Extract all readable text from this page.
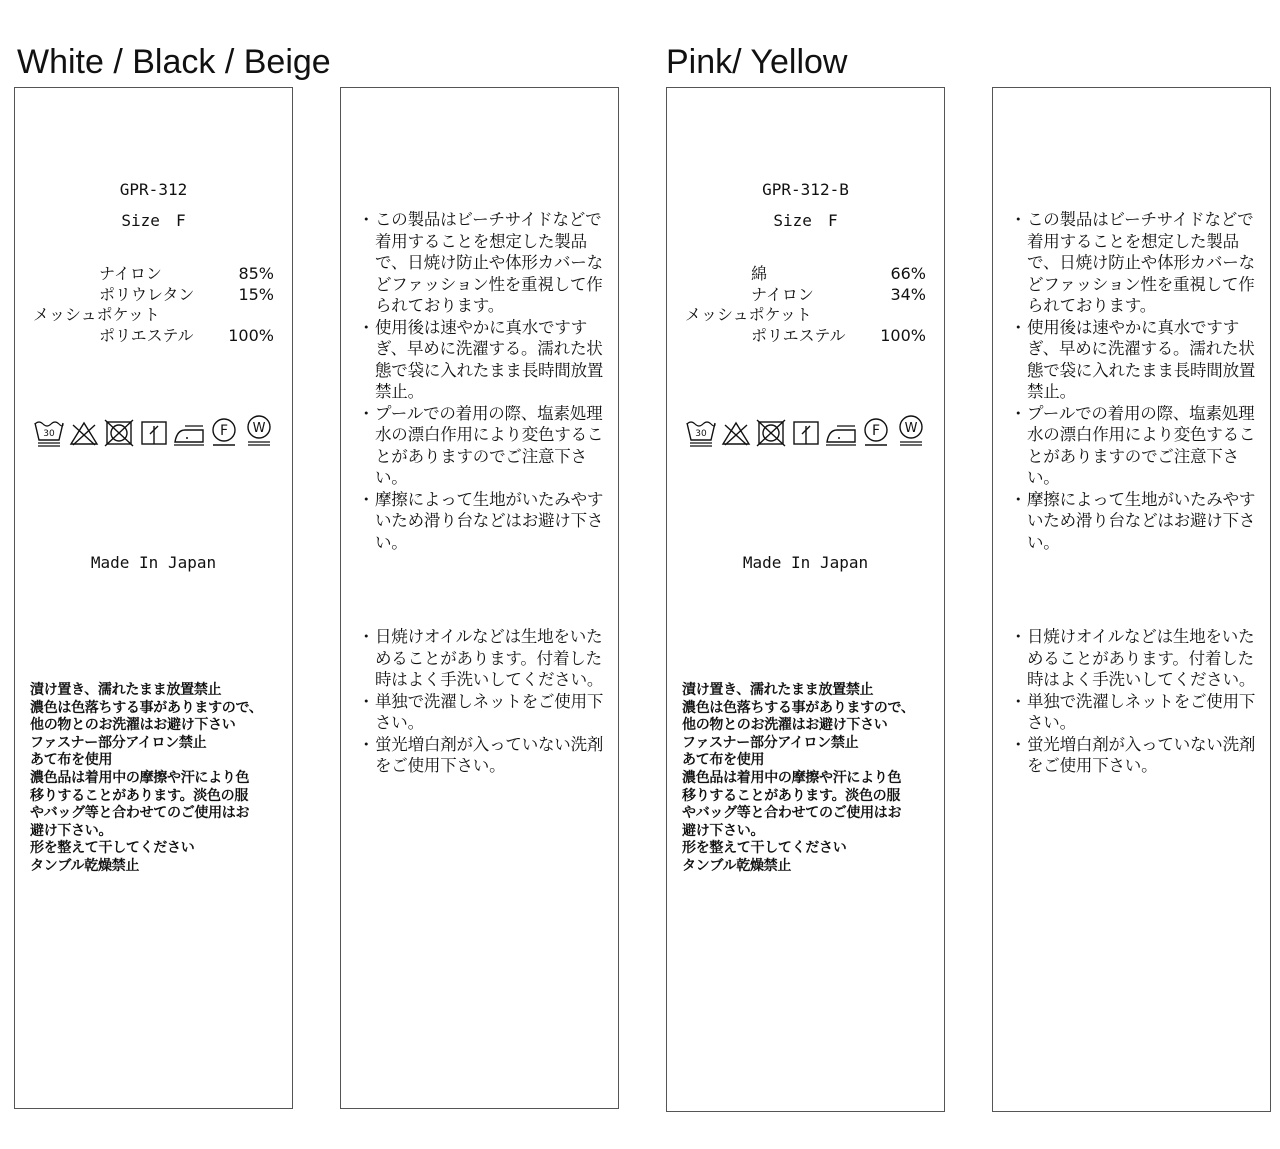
White / Black / Beige	Pink/ Yellow
GPR-312
Size　F
ナイロン	85%
ポリウレタン	15%
メッシュポケット
ポリエステル 100%
30	F W
Made In Japan
漬け置き、濡れたまま放置禁止
濃色は色落ちする事がありますので、
他の物とのお洗濯はお避け下さい
ファスナー部分アイロン禁止
あて布を使用
濃色品は着用中の摩擦や汗により色
移りすることがあります。淡色の服
やバッグ等と合わせてのご使用はお
避け下さい。
形を整えて干してください
タンブル乾燥禁止
・ この製品はビーチサイドなどで着用することを想定した製品で、日焼け防止や体形カバーなどファッション性を重視して作られております。
・ 使用後は速やかに真水ですすぎ、早めに洗濯する。濡れた状態で袋に入れたまま長時間放置禁止。
・ プールでの着用の際、塩素処理水の漂白作用により変色することがありますのでご注意下さい。
・ 摩擦によって生地がいたみやすいため滑り台などはお避け下さい。
・ 日焼けオイルなどは生地をいためることがあります。付着した時はよく手洗いしてください。
・ 単独で洗濯しネットをご使用下さい。
・ 蛍光増白剤が入っていない洗剤をご使用下さい。
GPR-312-B
Size　F
綿	66%
ナイロン	34%
メッシュポケット
ポリエステル 100%
30	F W
Made In Japan
漬け置き、濡れたまま放置禁止
濃色は色落ちする事がありますので、
他の物とのお洗濯はお避け下さい
ファスナー部分アイロン禁止
あて布を使用
濃色品は着用中の摩擦や汗により色
移りすることがあります。淡色の服
やバッグ等と合わせてのご使用はお
避け下さい。
形を整えて干してください
タンブル乾燥禁止
・ この製品はビーチサイドなどで着用することを想定した製品で、日焼け防止や体形カバーなどファッション性を重視して作られております。
・ 使用後は速やかに真水ですすぎ、早めに洗濯する。濡れた状態で袋に入れたまま長時間放置禁止。
・ プールでの着用の際、塩素処理水の漂白作用により変色することがありますのでご注意下さい。
・ 摩擦によって生地がいたみやすいため滑り台などはお避け下さい。
・ 日焼けオイルなどは生地をいためることがあります。付着した時はよく手洗いしてください。
・ 単独で洗濯しネットをご使用下さい。
・ 蛍光増白剤が入っていない洗剤をご使用下さい。
